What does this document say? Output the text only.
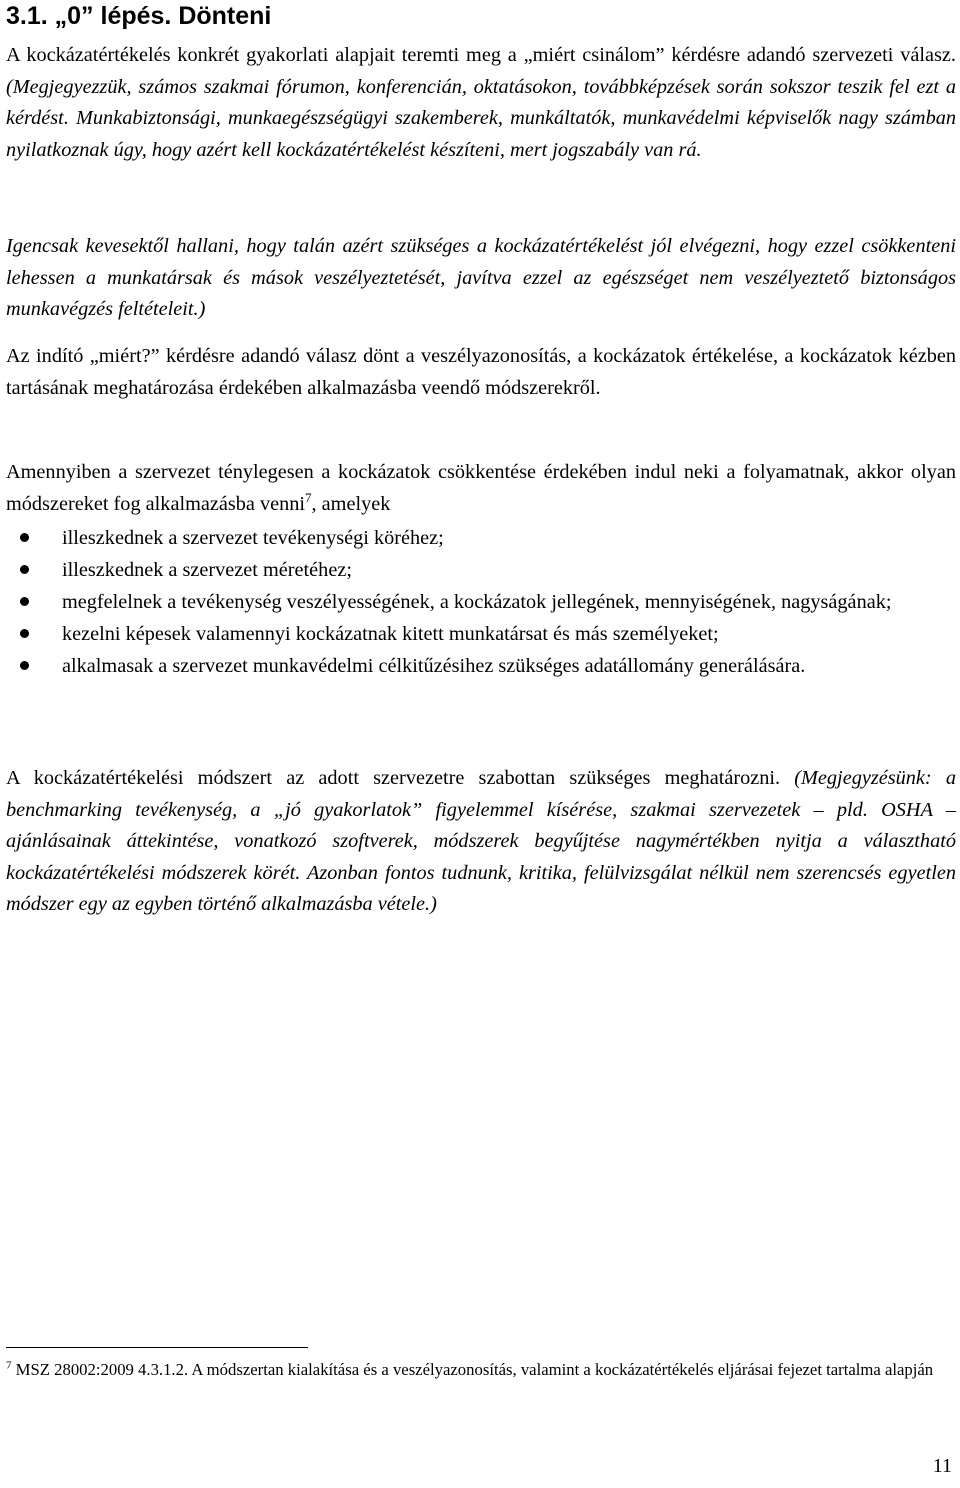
3.1. „0” lépés. Dönteni

A kockázatértékelés konkrét gyakorlati alapjait teremti meg a „miért csinálom” kérdésre adandó szervezeti válasz. (Megjegyezzük, számos szakmai fórumon, konferencián, oktatásokon, továbbképzések során sokszor teszik fel ezt a kérdést. Munkabiztonsági, munkaegészségügyi szakemberek, munkáltatók, munkavédelmi képviselők nagy számban nyilatkoznak úgy, hogy azért kell kockázatértékelést készíteni, mert jogszabály van rá.

Igencsak kevesektől hallani, hogy talán azért szükséges a kockázatértékelést jól elvégezni, hogy ezzel csökkenteni lehessen a munkatársak és mások veszélyeztetését, javítva ezzel az egészséget nem veszélyeztető biztonságos munkavégzés feltételeit.)

Az indító „miért?” kérdésre adandó válasz dönt a veszélyazonosítás, a kockázatok értékelése, a kockázatok kézben tartásának meghatározása érdekében alkalmazásba veendő módszerekről.

Amennyiben a szervezet ténylegesen a kockázatok csökkentése érdekében indul neki a folyamatnak, akkor olyan módszereket fog alkalmazásba venni$^7$, amelyek

illeszkednek a szervezet tevékenységi köréhez;
illeszkednek a szervezet méretéhez;
megfelelnek a tevékenység veszélyességének, a kockázatok jellegének, mennyiségének, nagyságának;
kezelni képesek valamennyi kockázatnak kitett munkatársat és más személyeket;
alkalmasak a szervezet munkavédelmi célkitűzésihez szükséges adatállomány generálására.

A kockázatértékelési módszert az adott szervezetre szabottan szükséges meghatározni. (Megjegyzésünk: a benchmarking tevékenység, a „jó gyakorlatok” figyelemmel kísérése, szakmai szervezetek – pld. OSHA – ajánlásainak áttekintése, vonatkozó szoftverek, módszerek begyűjtése nagymértékben nyitja a választható kockázatértékelési módszerek körét. Azonban fontos tudnunk, kritika, felülvizsgálat nélkül nem szerencsés egyetlen módszer egy az egyben történő alkalmazásba vétele.)

$^7$ MSZ 28002:2009 4.3.1.2. A módszertan kialakítása és a veszélyazonosítás, valamint a kockázatértékelés eljárásai fejezet tartalma alapján

11
